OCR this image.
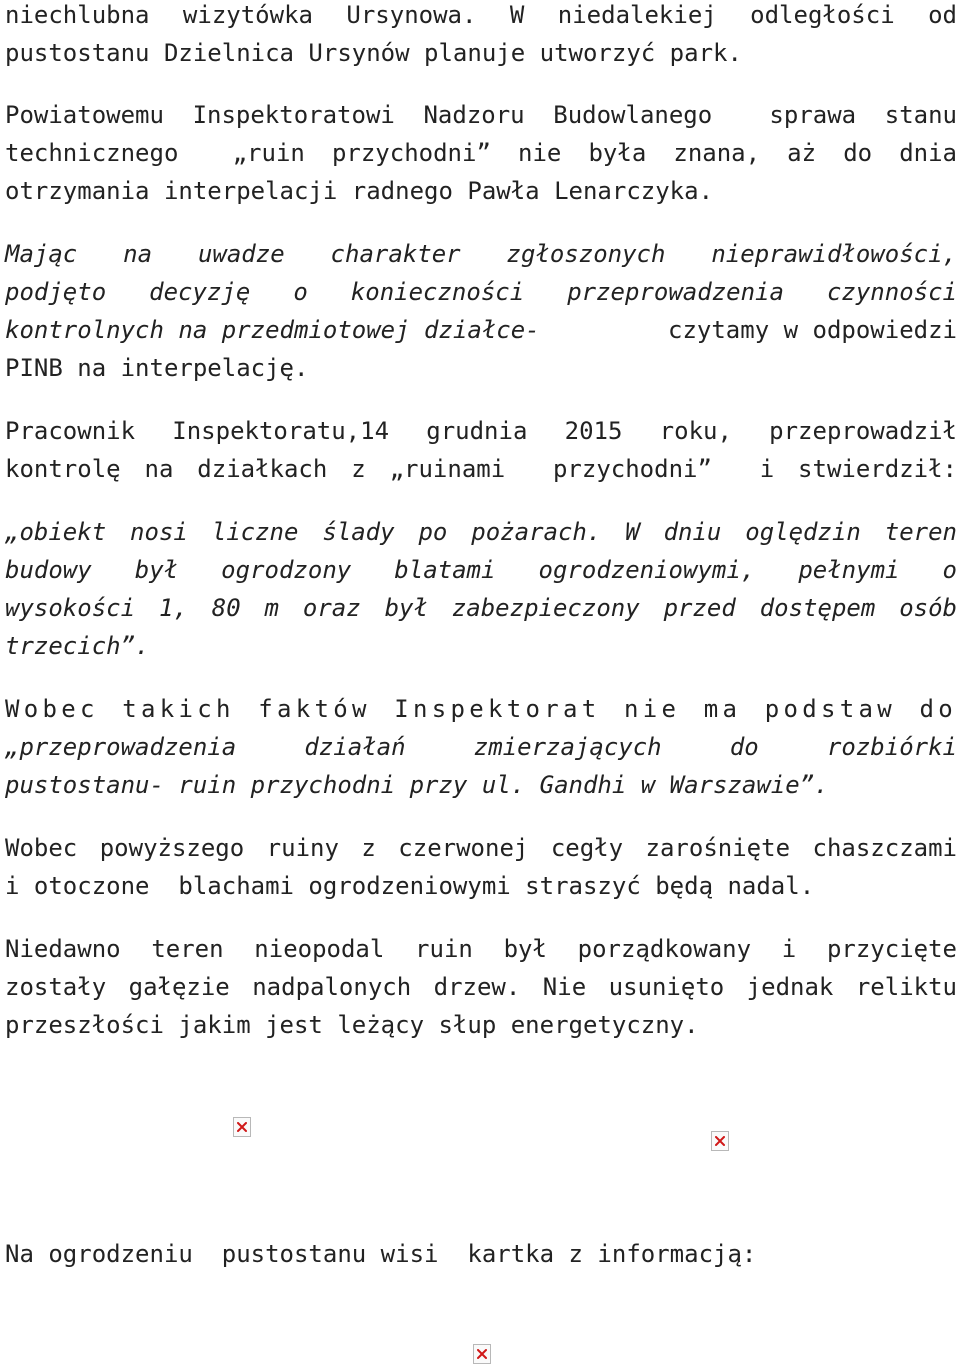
niechlubna wizytówka Ursynowa. W niedalekiej odległości od
pustostanu Dzielnica Ursynów planuje utworzyć park.

Powiatowemu Inspektoratowi Nadzoru Budowlanego  sprawa stanu
technicznego  „ruin przychodni” nie była znana, aż do dnia
otrzymania interpelacji radnego Pawła Lenarczyka.

Mając na uwadze charakter zgłoszonych nieprawidłowości,
podjęto decyzję o konieczności przeprowadzenia czynności
kontrolnych na przedmiotowej działce-	czytamy w odpowiedzi
PINB na interpelację.

Pracownik Inspektoratu,14 grudnia 2015 roku, przeprowadził
kontrolę na działkach z „ruinami  przychodni”  i stwierdził:

„obiekt nosi liczne ślady po pożarach. W dniu oględzin teren
budowy był ogrodzony blatami ogrodzeniowymi, pełnymi o
wysokości 1, 80 m oraz był zabezpieczony przed dostępem osób
trzecich”.

Wobec takich faktów Inspektorat nie ma podstaw do
„przeprowadzenia działań zmierzających do rozbiórki
pustostanu- ruin przychodni przy ul. Gandhi w Warszawie”.

Wobec powyższego ruiny z czerwonej cegły zarośnięte chaszczami
i otoczone  blachami ogrodzeniowymi straszyć będą nadal.

Niedawno teren nieopodal ruin był porządkowany i przycięte
zostały gałęzie nadpalonych drzew. Nie usunięto jednak reliktu
przeszłości jakim jest leżący słup energetyczny.

Na ogrodzeniu  pustostanu wisi  kartka z informacją:
